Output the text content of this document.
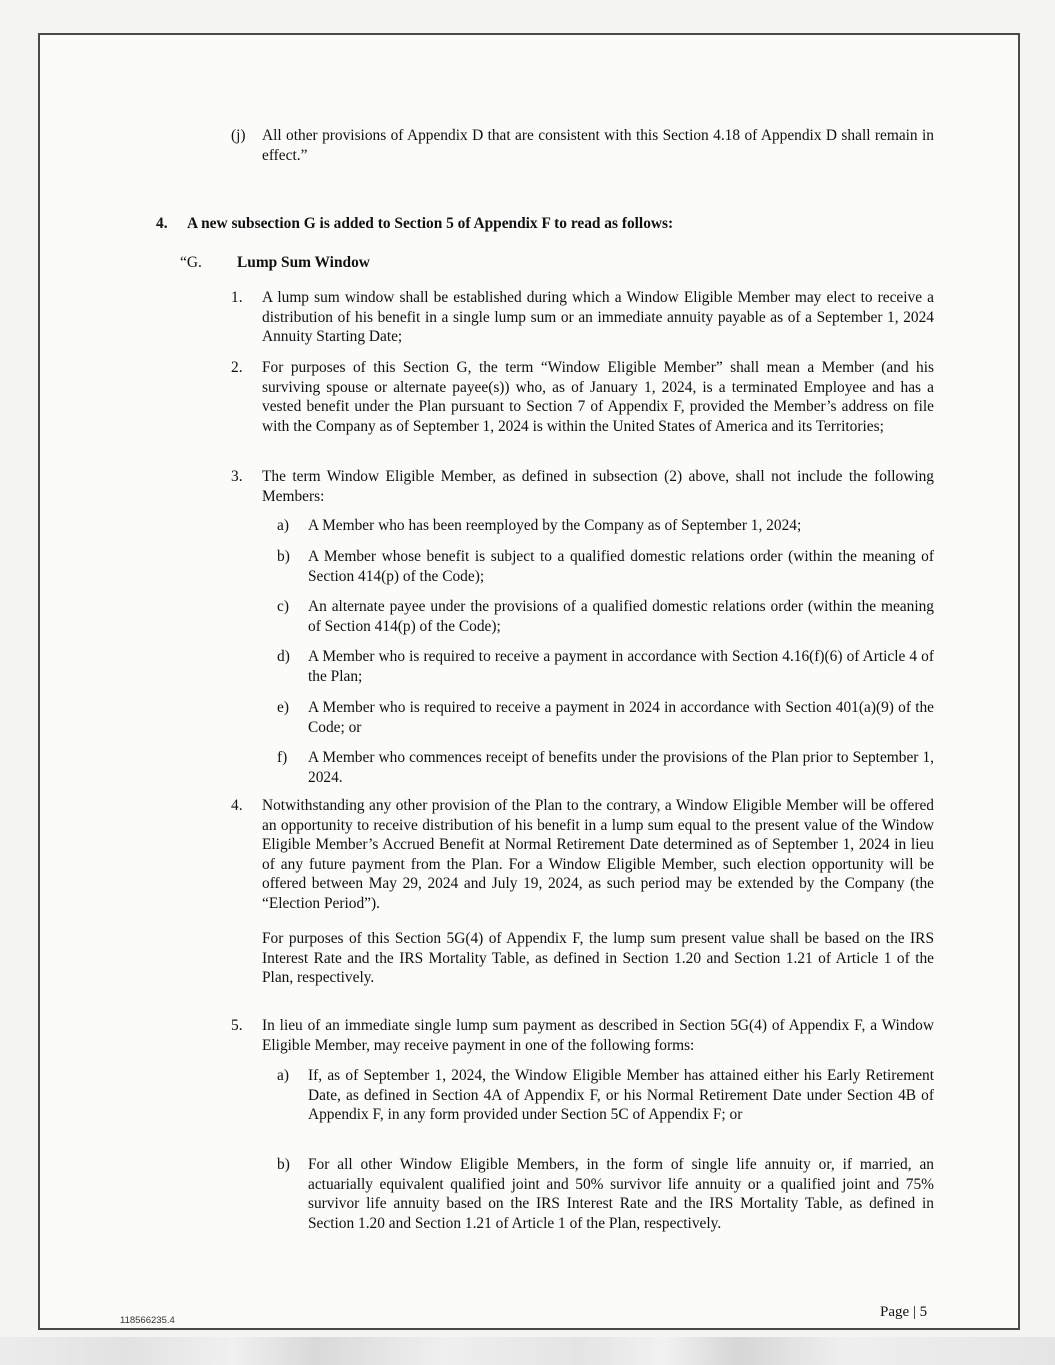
(j) All other provisions of Appendix D that are consistent with this Section 4.18 of Appendix D shall remain in effect.”
4. A new subsection G is added to Section 5 of Appendix F to read as follows:
“G. Lump Sum Window
1. A lump sum window shall be established during which a Window Eligible Member may elect to receive a distribution of his benefit in a single lump sum or an immediate annuity payable as of a September 1, 2024 Annuity Starting Date;
2. For purposes of this Section G, the term “Window Eligible Member” shall mean a Member (and his surviving spouse or alternate payee(s)) who, as of January 1, 2024, is a terminated Employee and has a vested benefit under the Plan pursuant to Section 7 of Appendix F, provided the Member’s address on file with the Company as of September 1, 2024 is within the United States of America and its Territories;
3. The term Window Eligible Member, as defined in subsection (2) above, shall not include the following Members:
a) A Member who has been reemployed by the Company as of September 1, 2024;
b) A Member whose benefit is subject to a qualified domestic relations order (within the meaning of Section 414(p) of the Code);
c) An alternate payee under the provisions of a qualified domestic relations order (within the meaning of Section 414(p) of the Code);
d) A Member who is required to receive a payment in accordance with Section 4.16(f)(6) of Article 4 of the Plan;
e) A Member who is required to receive a payment in 2024 in accordance with Section 401(a)(9) of the Code; or
f) A Member who commences receipt of benefits under the provisions of the Plan prior to September 1, 2024.
4. Notwithstanding any other provision of the Plan to the contrary, a Window Eligible Member will be offered an opportunity to receive distribution of his benefit in a lump sum equal to the present value of the Window Eligible Member’s Accrued Benefit at Normal Retirement Date determined as of September 1, 2024 in lieu of any future payment from the Plan. For a Window Eligible Member, such election opportunity will be offered between May 29, 2024 and July 19, 2024, as such period may be extended by the Company (the “Election Period”).
For purposes of this Section 5G(4) of Appendix F, the lump sum present value shall be based on the IRS Interest Rate and the IRS Mortality Table, as defined in Section 1.20 and Section 1.21 of Article 1 of the Plan, respectively.
5. In lieu of an immediate single lump sum payment as described in Section 5G(4) of Appendix F, a Window Eligible Member, may receive payment in one of the following forms:
a) If, as of September 1, 2024, the Window Eligible Member has attained either his Early Retirement Date, as defined in Section 4A of Appendix F, or his Normal Retirement Date under Section 4B of Appendix F, in any form provided under Section 5C of Appendix F; or
b) For all other Window Eligible Members, in the form of single life annuity or, if married, an actuarially equivalent qualified joint and 50% survivor life annuity or a qualified joint and 75% survivor life annuity based on the IRS Interest Rate and the IRS Mortality Table, as defined in Section 1.20 and Section 1.21 of Article 1 of the Plan, respectively.
Page | 5
118566235.4
